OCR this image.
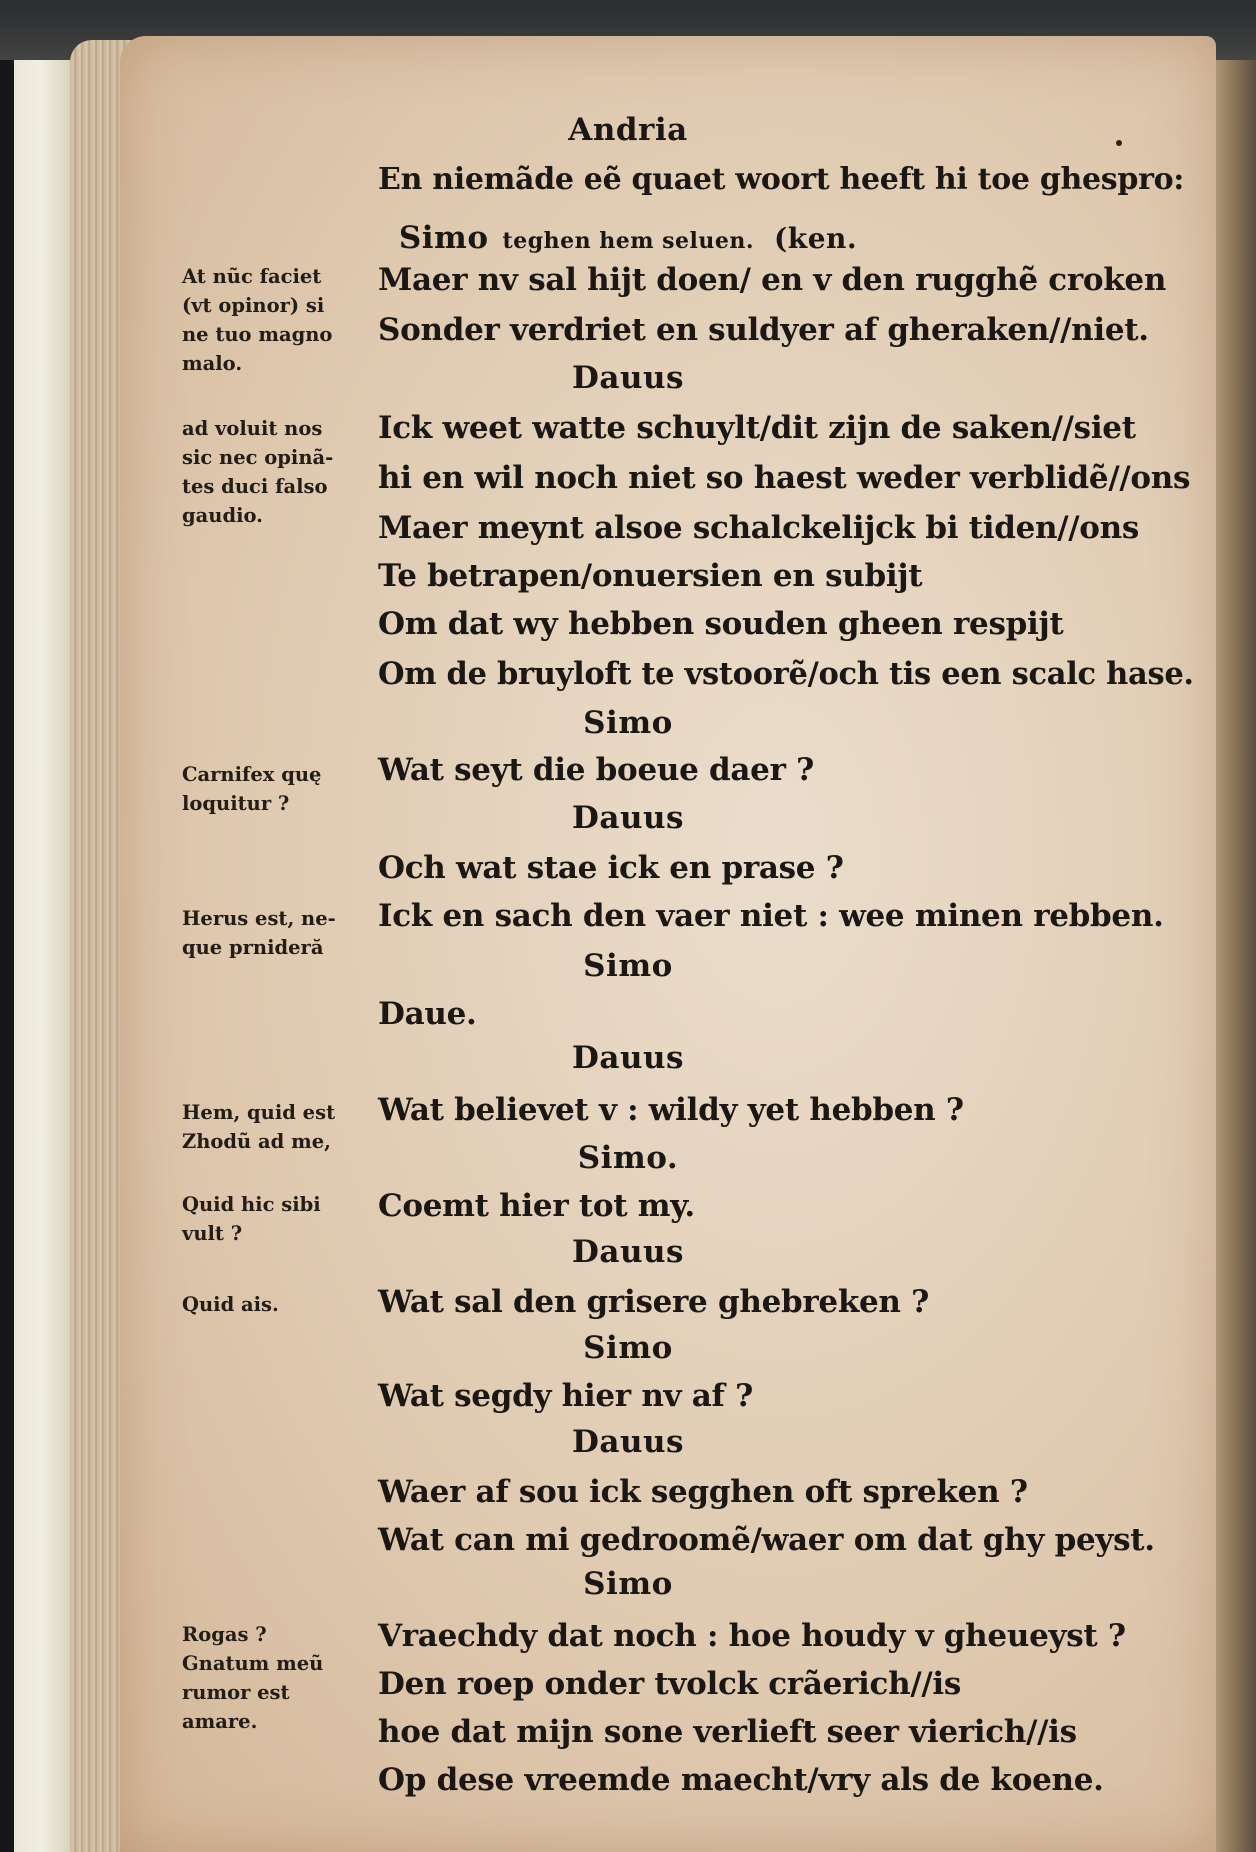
Andria
Simo teghen hem seluen. (ken.
Dauus
Simo
Dauus
Simo
Dauus
Simo.
Dauus
Simo
Dauus
Simo
En niemãde eẽ quaet woort heeft hi toe ghespro:
Maer nv sal hijt doen/ en v den rugghẽ croken
Sonder verdriet en suldyer af gheraken//niet.
Ick weet watte schuylt/dit zijn de saken//siet
hi en wil noch niet so haest weder verblidẽ//ons
Maer meynt alsoe schalckelijck bi tiden//ons
Te betrapen/onuersien en subijt
Om dat wy hebben souden gheen respijt
Om de bruyloft te vstoorẽ/och tis een scalc hase.
Wat seyt die boeue daer ?
Och wat stae ick en prase ?
Ick en sach den vaer niet : wee minen rebben.
Daue.
Wat believet v : wildy yet hebben ?
Coemt hier tot my.
Wat sal den grisere ghebreken ?
Wat segdy hier nv af ?
Waer af sou ick segghen oft spreken ?
Wat can mi gedroomẽ/waer om dat ghy peyst.
Vraechdy dat noch : hoe houdy v gheueyst ?
Den roep onder tvolck crãerich//is
hoe dat mijn sone verlieft seer vierich//is
Op dese vreemde maecht/vry als de koene.
At nũc faciet
(vt opinor) si
ne tuo magno
malo.
ad voluit nos
sic nec opinã-
tes duci falso
gaudio.
Carnifex quę
loquitur ?
Herus est, ne-
que prnideră
Hem, quid est
Zhodũ ad me,
Quid hic sibi
vult ?
Quid ais.
Rogas ?
Gnatum meũ
rumor est
amare.
